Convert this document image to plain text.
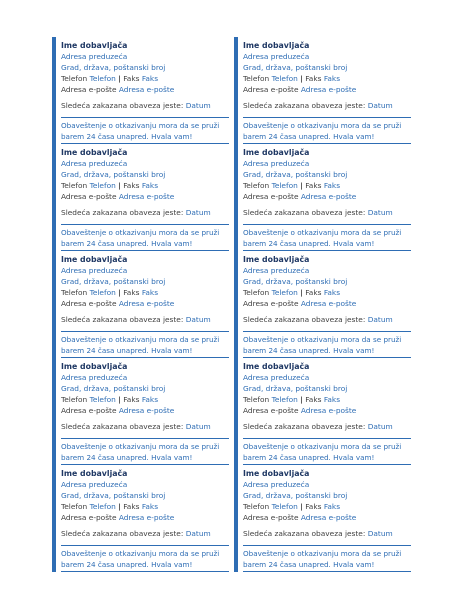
Ime dobavljača
Adresa preduzeća
Grad, država, poštanski broj
Telefon Telefon | Faks Faks
Adresa e-pošte Adresa e-pošte
Sledeća zakazana obaveza jeste: Datum
Obaveštenje o otkazivanju mora da se pruži barem 24 časa unapred. Hvala vam!
Ime dobavljača
Adresa preduzeća
Grad, država, poštanski broj
Telefon Telefon | Faks Faks
Adresa e-pošte Adresa e-pošte
Sledeća zakazana obaveza jeste: Datum
Obaveštenje o otkazivanju mora da se pruži barem 24 časa unapred. Hvala vam!
Ime dobavljača
Adresa preduzeća
Grad, država, poštanski broj
Telefon Telefon | Faks Faks
Adresa e-pošte Adresa e-pošte
Sledeća zakazana obaveza jeste: Datum
Obaveštenje o otkazivanju mora da se pruži barem 24 časa unapred. Hvala vam!
Ime dobavljača
Adresa preduzeća
Grad, država, poštanski broj
Telefon Telefon | Faks Faks
Adresa e-pošte Adresa e-pošte
Sledeća zakazana obaveza jeste: Datum
Obaveštenje o otkazivanju mora da se pruži barem 24 časa unapred. Hvala vam!
Ime dobavljača
Adresa preduzeća
Grad, država, poštanski broj
Telefon Telefon | Faks Faks
Adresa e-pošte Adresa e-pošte
Sledeća zakazana obaveza jeste: Datum
Obaveštenje o otkazivanju mora da se pruži barem 24 časa unapred. Hvala vam!
Ime dobavljača
Adresa preduzeća
Grad, država, poštanski broj
Telefon Telefon | Faks Faks
Adresa e-pošte Adresa e-pošte
Sledeća zakazana obaveza jeste: Datum
Obaveštenje o otkazivanju mora da se pruži barem 24 časa unapred. Hvala vam!
Ime dobavljača
Adresa preduzeća
Grad, država, poštanski broj
Telefon Telefon | Faks Faks
Adresa e-pošte Adresa e-pošte
Sledeća zakazana obaveza jeste: Datum
Obaveštenje o otkazivanju mora da se pruži barem 24 časa unapred. Hvala vam!
Ime dobavljača
Adresa preduzeća
Grad, država, poštanski broj
Telefon Telefon | Faks Faks
Adresa e-pošte Adresa e-pošte
Sledeća zakazana obaveza jeste: Datum
Obaveštenje o otkazivanju mora da se pruži barem 24 časa unapred. Hvala vam!
Ime dobavljača
Adresa preduzeća
Grad, država, poštanski broj
Telefon Telefon | Faks Faks
Adresa e-pošte Adresa e-pošte
Sledeća zakazana obaveza jeste: Datum
Obaveštenje o otkazivanju mora da se pruži barem 24 časa unapred. Hvala vam!
Ime dobavljača
Adresa preduzeća
Grad, država, poštanski broj
Telefon Telefon | Faks Faks
Adresa e-pošte Adresa e-pošte
Sledeća zakazana obaveza jeste: Datum
Obaveštenje o otkazivanju mora da se pruži barem 24 časa unapred. Hvala vam!
